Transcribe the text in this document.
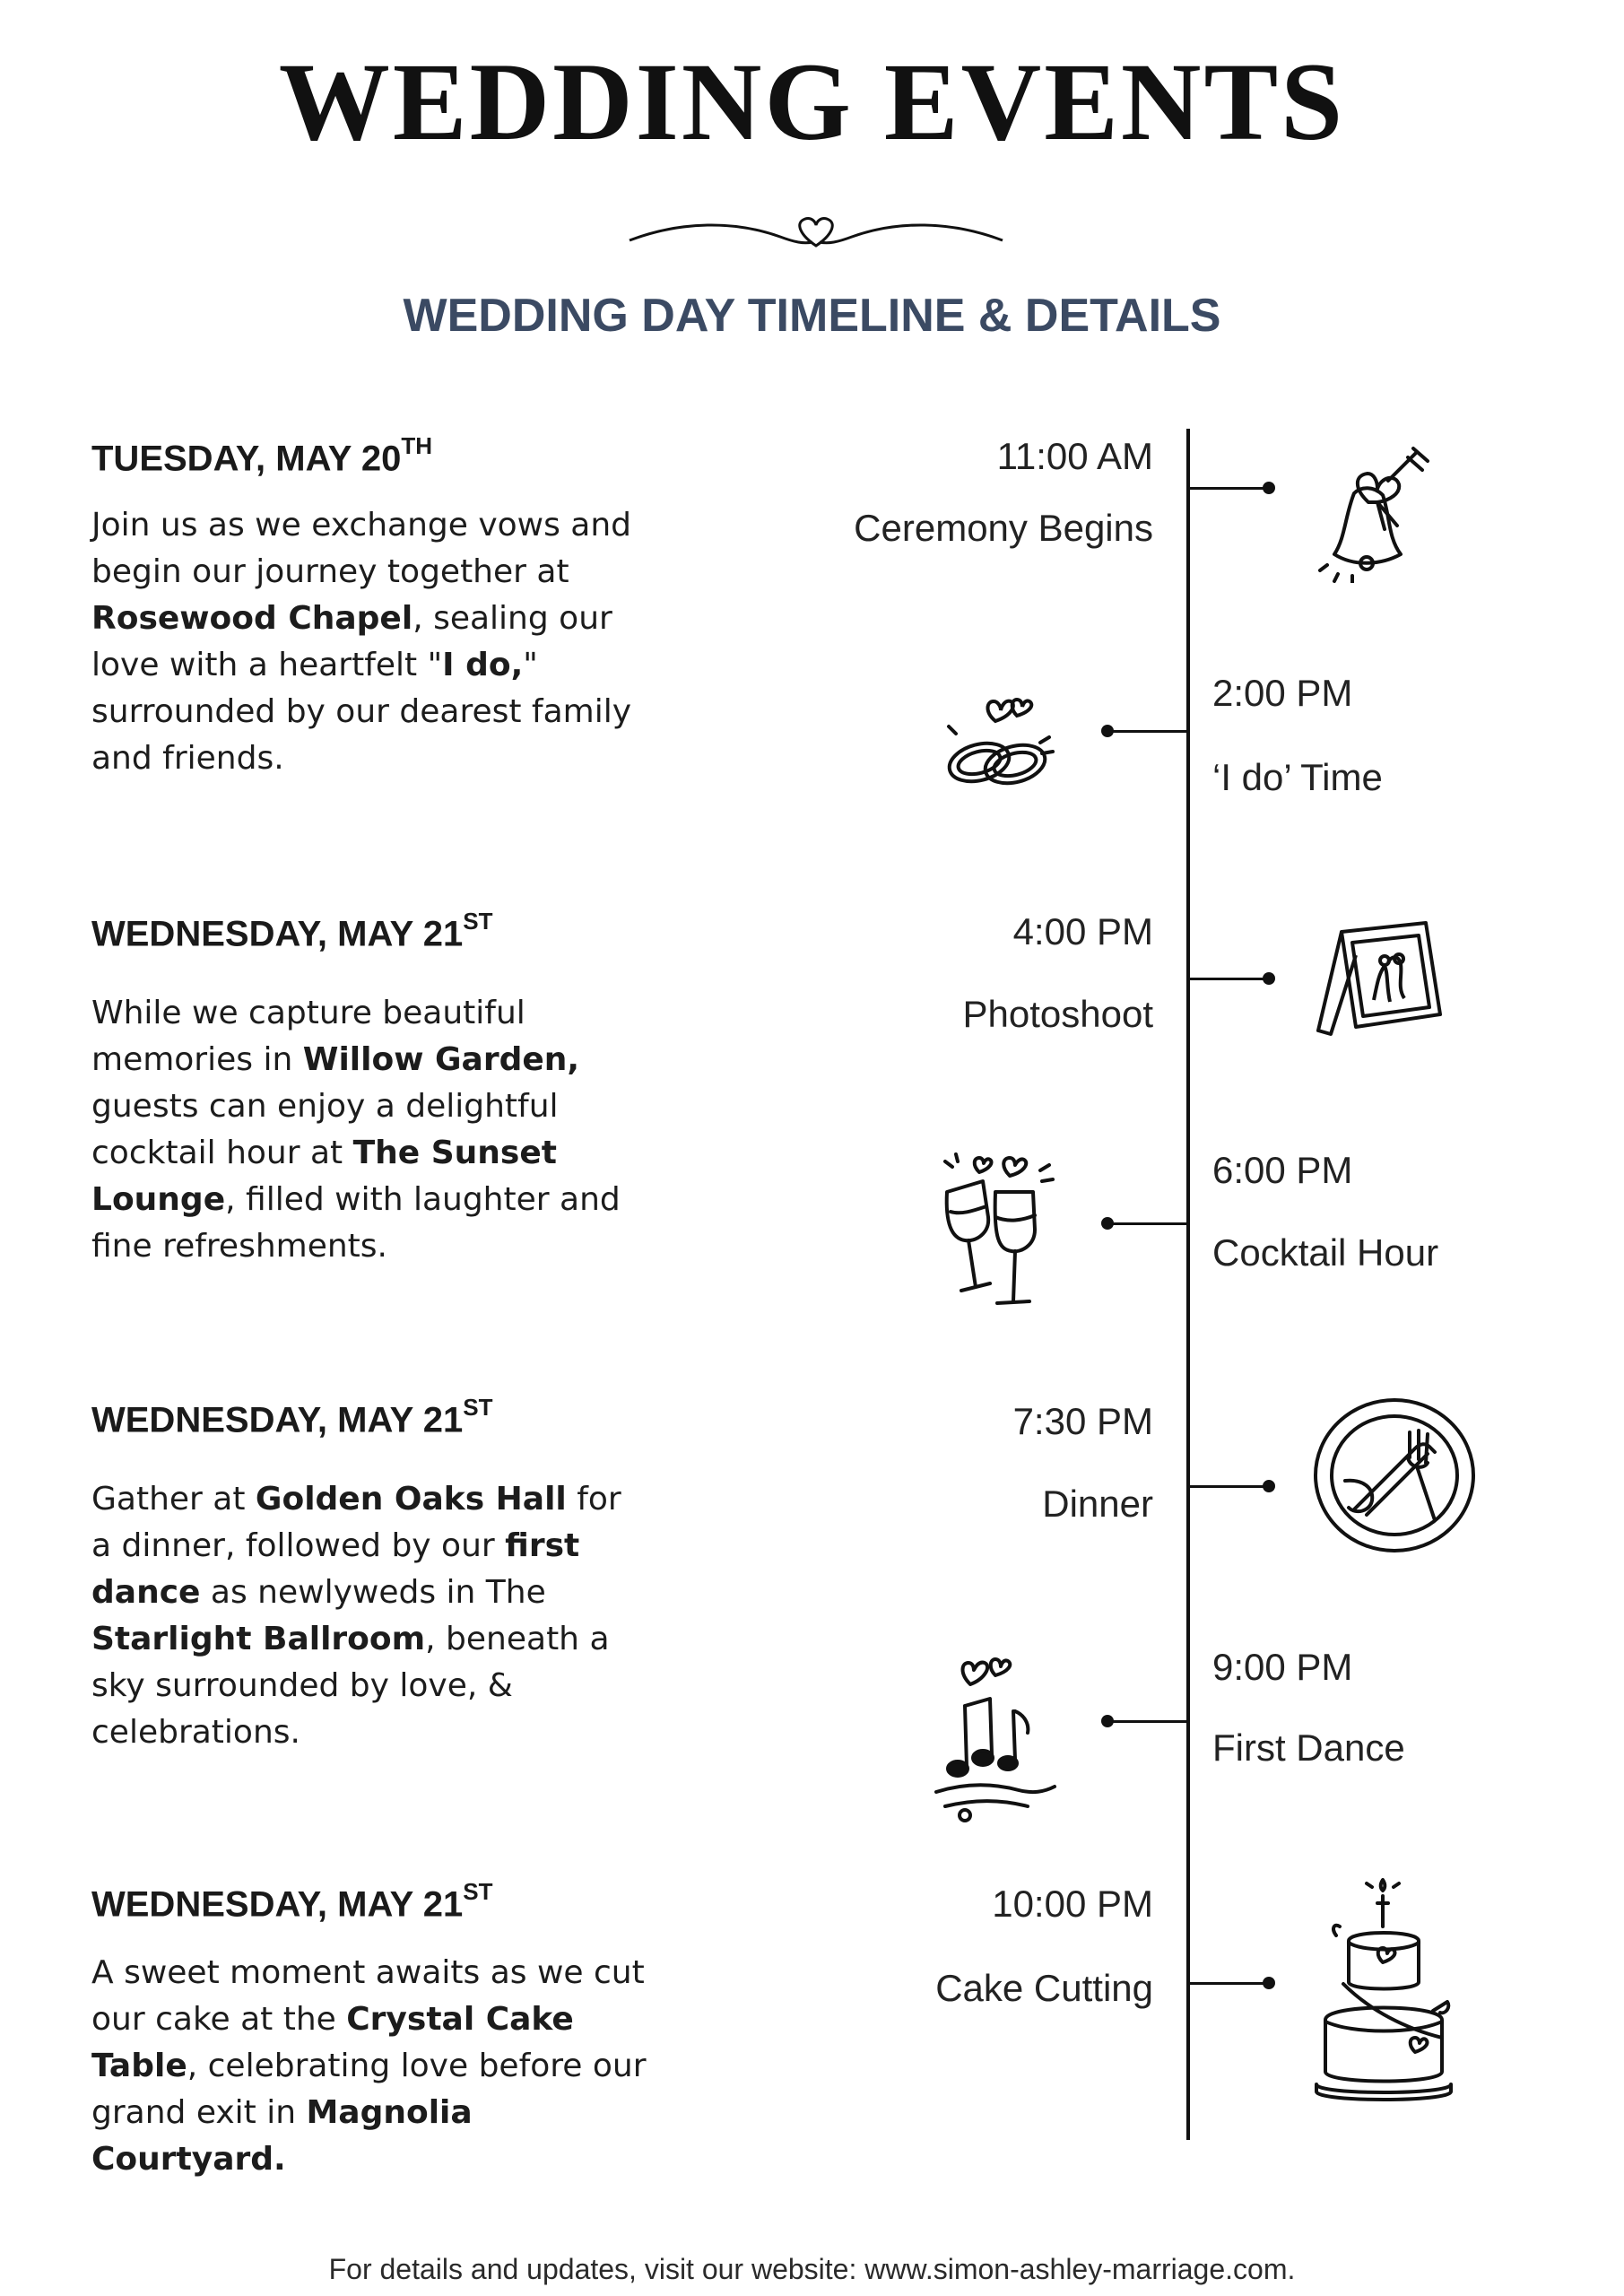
WEDDING EVENTS
WEDDING DAY TIMELINE & DETAILS
TUESDAY, MAY 20TH

Join us as we exchange vows and begin our journey together at Rosewood Chapel, sealing our love with a heartfelt "I do," surrounded by our dearest family and friends.

WEDNESDAY, MAY 21ST

While we capture beautiful memories in Willow Garden, guests can enjoy a delightful cocktail hour at The Sunset Lounge, filled with laughter and fine refreshments.

WEDNESDAY, MAY 21ST

Gather at Golden Oaks Hall for a dinner, followed by our first dance as newlyweds in The Starlight Ballroom, beneath a sky surrounded by love, & celebrations.

WEDNESDAY, MAY 21ST

A sweet moment awaits as we cut our cake at the Crystal Cake Table, celebrating love before our grand exit in Magnolia Courtyard.

11:00 AM
Ceremony Begins
2:00 PM
‘I do’ Time
4:00 PM
Photoshoot
6:00 PM
Cocktail Hour
7:30 PM
Dinner
9:00 PM
First Dance
10:00 PM
Cake Cutting

For details and updates, visit our website: www.simon-ashley-marriage.com.
